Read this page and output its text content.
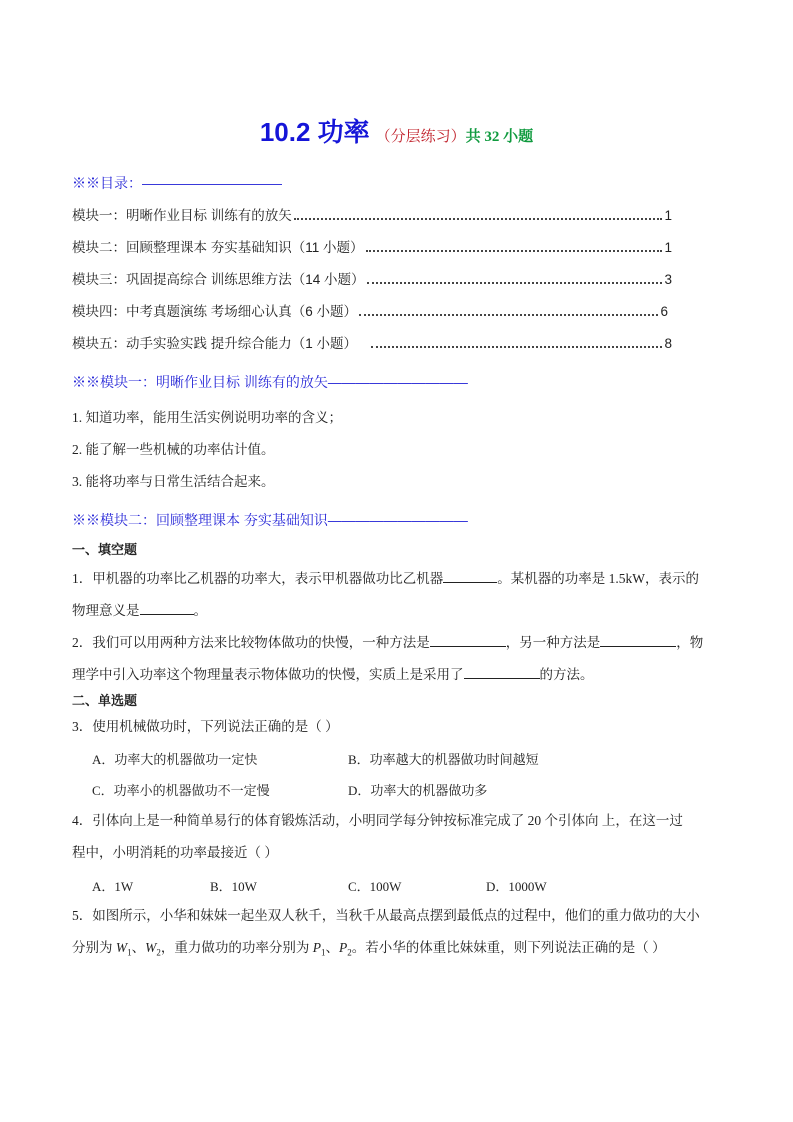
10.2 功率 （分层练习）共 32 小题
※※目录：——————————
模块一：明晰作业目标 训练有的放矢	1
模块二：回顾整理课本 夯实基础知识（11 小题）	1
模块三：巩固提高综合 训练思维方法（14 小题）	3
模块四：中考真题演练 考场细心认真（6 小题）	6
模块五：动手实验实践 提升综合能力（1 小题）	8
※※模块一：明晰作业目标 训练有的放矢——————————
1. 知道功率，能用生活实例说明功率的含义；
2. 能了解一些机械的功率估计值。
3. 能将功率与日常生活结合起来。
※※模块二：回顾整理课本 夯实基础知识——————————
一、填空题
1．甲机器的功率比乙机器的功率大，表示甲机器做功比乙机器	。某机器的功率是 1.5kW，表示的
物理意义是	。
2．我们可以用两种方法来比较物体做功的快慢，一种方法是	，另一种方法是	，物
理学中引入功率这个物理量表示物体做功的快慢，实质上是采用了	的方法。
二、单选题
3．使用机械做功时，下列说法正确的是（ ）
A．功率大的机器做功一定快	B．功率越大的机器做功时间越短
C．功率小的机器做功不一定慢	D．功率大的机器做功多
4．引体向上是一种简单易行的体育锻炼活动，小明同学每分钟按标准完成了 20 个引体向 上，在这一过
程中，小明消耗的功率最接近（ ）
A．1W	B．10W	C．100W	D．1000W
5．如图所示，小华和妹妹一起坐双人秋千，当秋千从最高点摆到最低点的过程中，他们的重力做功的大小
分别为 $W_1$、$W_2$，重力做功的功率分别为 $P_1$、$P_2$。若小华的体重比妹妹重，则下列说法正确的是（ ）
